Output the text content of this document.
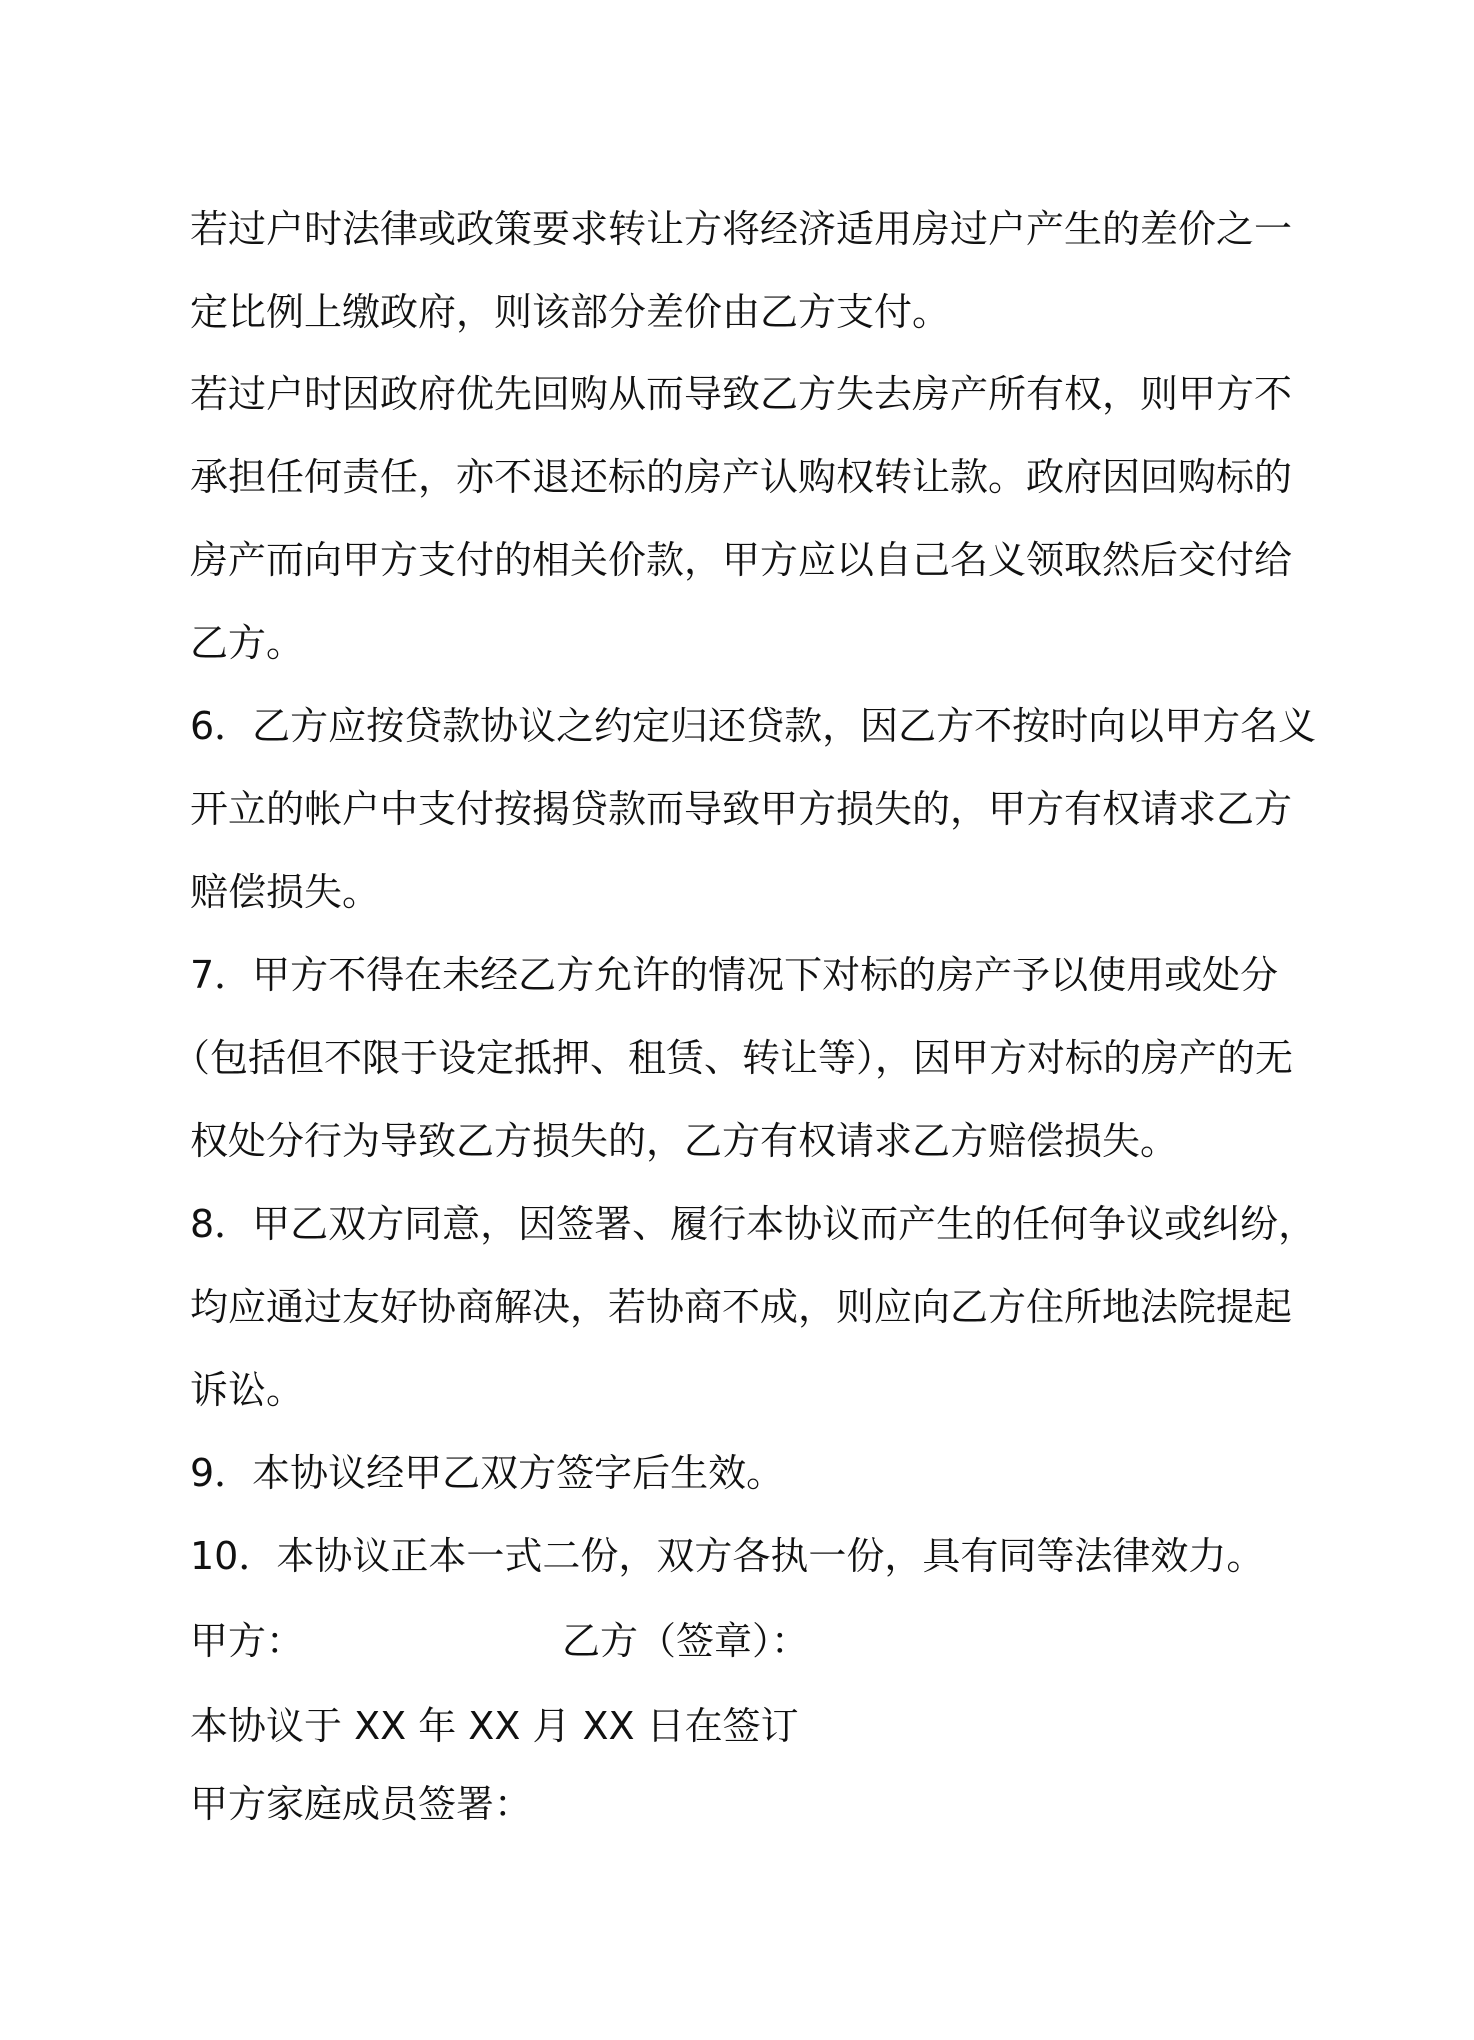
若过户时法律或政策要求转让方将经济适用房过户产生的差价之一

定比例上缴政府，则该部分差价由乙方支付。

若过户时因政府优先回购从而导致乙方失去房产所有权，则甲方不

承担任何责任，亦不退还标的房产认购权转让款。政府因回购标的

房产而向甲方支付的相关价款，甲方应以自己名义领取然后交付给

乙方。

6．乙方应按贷款协议之约定归还贷款，因乙方不按时向以甲方名义

开立的帐户中支付按揭贷款而导致甲方损失的，甲方有权请求乙方

赔偿损失。

7．甲方不得在未经乙方允许的情况下对标的房产予以使用或处分

（包括但不限于设定抵押、租赁、转让等），因甲方对标的房产的无

权处分行为导致乙方损失的，乙方有权请求乙方赔偿损失。

8．甲乙双方同意，因签署、履行本协议而产生的任何争议或纠纷，

均应通过友好协商解决，若协商不成，则应向乙方住所地法院提起

诉讼。

9．本协议经甲乙双方签字后生效。

10．本协议正本一式二份，双方各执一份，具有同等法律效力。

甲方：	乙方（签章）：

本协议于 XX 年 XX 月 XX 日在签订

甲方家庭成员签署：
